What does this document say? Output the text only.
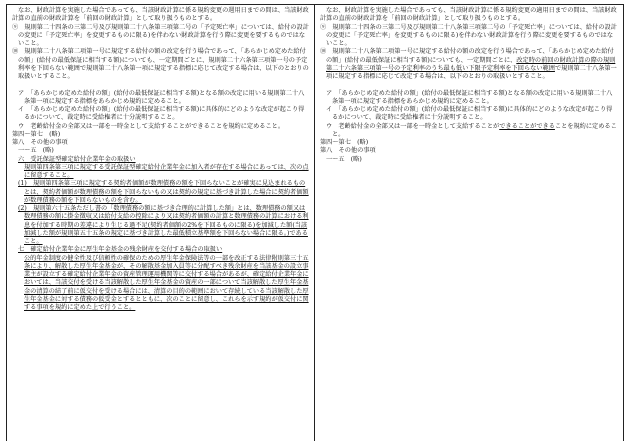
なお、財政計算を実施した場合であっても、当該財政計算に係る規約変更の週用日までの間は、当該財政計算の直前の財政計算を「前回の財政計算」として取り扱うものとする。

⑨　規則第二十四条の三第二号及び規則第二十八条第三項第二号の「予定死亡率」については、給付の設計の変更に「予定死亡率」を変更するものに限る)を伴わない財政計算を行う際に変更を要するものではないこと。

⑩　規則第二十八条第二項第一号に規定する給付の額の改定を行う場合であって、「あらかじめ定めた給付の額」(給付の最低保証に相当する額)についても、一定期間ごとに、規則第二十六条第三項第一号の予定利率を下回らない範囲で規則第二十八条第一項に規定する指標に応じて改定する場合は、以下のとおりの取扱いとすること。

ア　「あらかじめ定めた給付の額」(給付の最低保証に相当する額)となる額の改定に用いる規則第二十八条第一項に規定する指標をあらかじめ規約に定めること。

イ　「あらかじめ定めた給付の額」(給付の最低保証に相当する額)に具体的にどのような改定が起こり得るかについて、裁定時に受給権者に十分説明すること。

ウ　老齢給付金の全部又は一部を一時金として支給することができることを規約に定めること。

第四～第七　(略)

第八　その他の事項

一～五　(略)

六　受託保証型確定給付企業年金の取扱い

規則第四条第三項に規定する受託保証型確定給付企業年金に加入者が存在する場合にあっては、次の点に留意すること。

(1)　規則第四条第三項に規定する契約者価額が数理債務の額を下回らないことが確実に見込まれるものとは、契約者価額が数理債務の額を下回らないもの又は契約の規定に基づき計算した場合に契約者価額が数理債務の額を下回らないものを含む。

(2)　規則第六十五条ただし書の「数理債務の額に基づき合理的に計算した額」とは、数理債務の額又は数理債務の額に掛金徴収又は給付支給の控除により又は契約者価額の計算と数理債務の計算における利息を付加する時期の差違により生じる過不足(契約者価額の2%を下回るものに限る)を加減した額(当該加減した額が規則第五十五条の規定に基づき計算した最低積立基準額を下回らない場合に限る。)であること。

七　確定給付企業年金に厚生年金基金の残余財産を交付する場合の取扱い

公的年金制度の健全性及び信頼性の確保のための厚生年金保険法等の一部を改正する法律附則第三十五条により、解散した厚生年金基金が、その解散基金加入員等に分配すべき残余財産を当該基金の設立事業主が設立する確定給付企業年金の資産管理運用機関等に交付する場合があるが、確定給付企業年金においては、当該交付を受ける当該解散した厚生年金基金の資産の一部について当該解散した厚生年金基金の清算の結了前に仮交付を受ける場合には、清算の目的の範囲において存続している当該解散した厚生年金基金に対する債務の仮受金とするとともに、次のことに留意し、これらを示す規約が仮交付に関する事項を規約に定めた上で行うこと。

なお、財政計算を実施した場合であっても、当該財政計算に係る規約変更の適用日までの間は、当該財政計算の直前の財政計算を「前回の財政計算」として取り扱うものとする。

⑨　規則第二十四条の三第二号及び規則第二十八条第三項第二号の「予定死亡率」については、給付の設計の変更に「予定死亡率」を変更するものに限る)を伴わない財政計算を行う際に変更を要するものではないこと。

⑩　規則第二十八条第二項第一号に規定する給付の額の改定を行う場合であって、「あらかじめ定めた給付の額」(給付の最低保証に相当する額)についても、一定期間ごとに、改定時の前回の財政計算の際の規則第二十六条第三項第一号の予定利率のうち最も低い下限予定利率を下回らない範囲で規則第二十八条第一項に規定する指標に応じて改定する場合は、以下のとおりの取扱いとすること。

ア　「あらかじめ定めた給付の額」(給付の最低保証に相当する額)となる額の改定に用いる規則第二十八条第一項に規定する指標をあらかじめ規約に定めること。

イ　「あらかじめ定めた給付の額」(給付の最低保証に相当する額)に具体的にどのような改定が起こり得るかについて、裁定時に受給権者に十分説明すること。

ウ　老齢給付金の全部又は一部を一時金として支給することができることができることを規約に定めること。

第四～第七　(略)

第八　その他の事項

一～五　(略)
